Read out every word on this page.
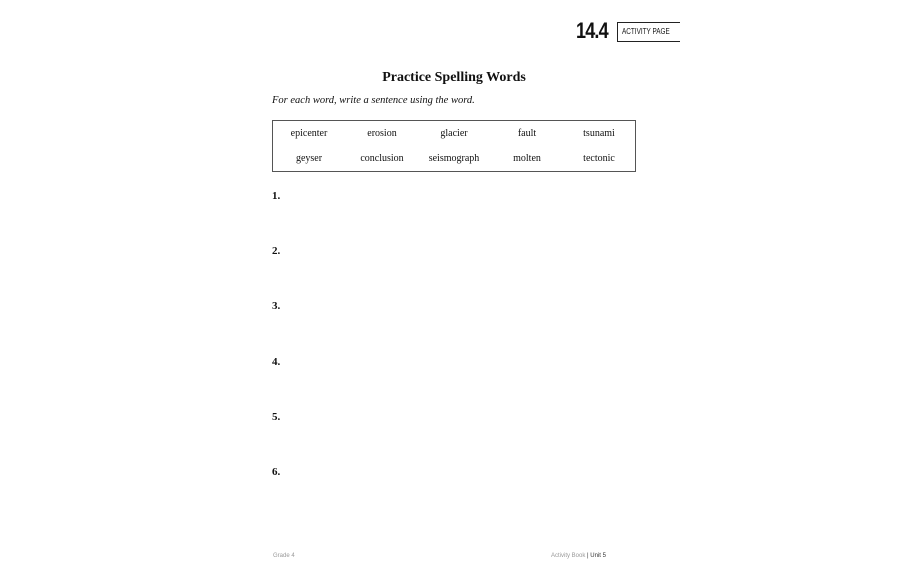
14.4	ACTIVITY PAGE
Practice Spelling Words
For each word, write a sentence using the word.
epicenter	erosion	glacier	fault	tsunami
geyser	conclusion	seismograph	molten	tectonic
1.
2.
3.
4.
5.
6.
Grade 4	Activity Book | Unit 5
